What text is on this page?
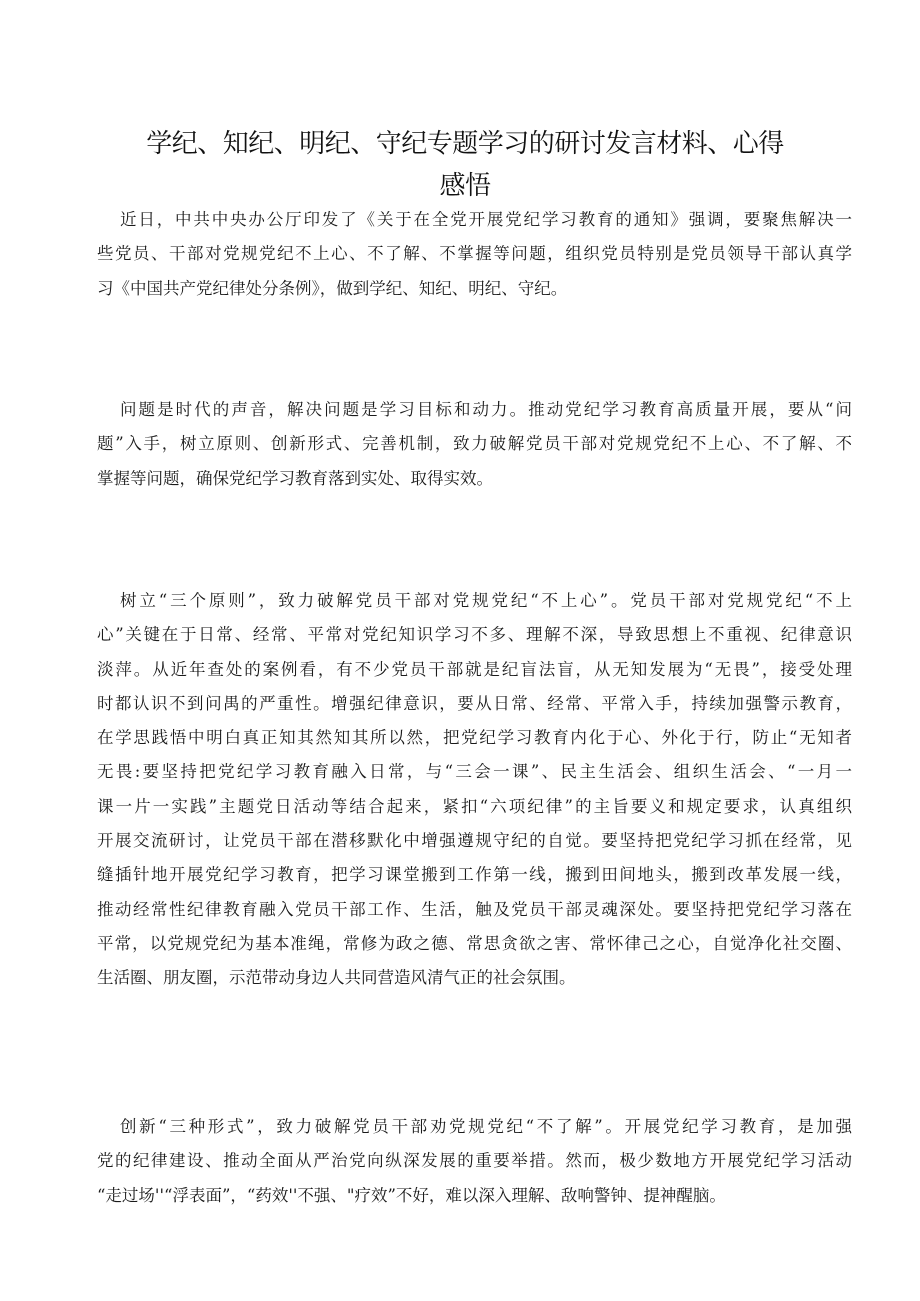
学纪、知纪、明纪、守纪专题学习的研讨发言材料、心得
感悟
近日，中共中央办公厅印发了《关于在全党开展党纪学习教育的通知》强调，要聚焦解决一
些党员、干部对党规党纪不上心、不了解、不掌握等问题，组织党员特别是党员领导干部认真学
习《中国共产党纪律处分条例》，做到学纪、知纪、明纪、守纪。
问题是时代的声音，解决问题是学习目标和动力。推动党纪学习教育高质量开展，要从“问
题”入手，树立原则、创新形式、完善机制，致力破解党员干部对党规党纪不上心、不了解、不
掌握等问题，确保党纪学习教育落到实处、取得实效。
树立“三个原则”，致力破解党员干部对党规党纪“不上心”。党员干部对党规党纪“不上
心”关键在于日常、经常、平常对党纪知识学习不多、理解不深，导致思想上不重视、纪律意识
淡萍。从近年查处的案例看，有不少党员干部就是纪盲法盲，从无知发展为“无畏”，接受处理
时都认识不到问禺的严重性。增强纪律意识，要从日常、经常、平常入手，持续加强警示教育，
在学思践悟中明白真正知其然知其所以然，把党纪学习教育内化于心、外化于行，防止“无知者
无畏:要坚持把党纪学习教育融入日常，与“三会一课”、民主生活会、组织生活会、“一月一
课一片一实践”主题党日活动等结合起来，紧扣“六项纪律”的主旨要义和规定要求，认真组织
开展交流研讨，让党员干部在潜移默化中增强遵规守纪的自觉。要坚持把党纪学习抓在经常，见
缝插针地开展党纪学习教育，把学习课堂搬到工作第一线，搬到田间地头，搬到改革发展一线，
推动经常性纪律教育融入党员干部工作、生活，触及党员干部灵魂深处。要坚持把党纪学习落在
平常，以党规党纪为基本准绳，常修为政之德、常思贪欲之害、常怀律己之心，自觉净化社交圈、
生活圈、朋友圈，示范带动身边人共同营造风清气正的社会氛围。
创新“三种形式”，致力破解党员干部劝党规党纪“不了解”。开展党纪学习教育，是加强
党的纪律建设、推动全面从严治党向纵深发展的重要举措。然而，极少数地方开展党纪学习活动
“走过场''“浮表面”，“药效''不强、"疗效”不好，难以深入理解、敌响警钟、提神醒脑。
